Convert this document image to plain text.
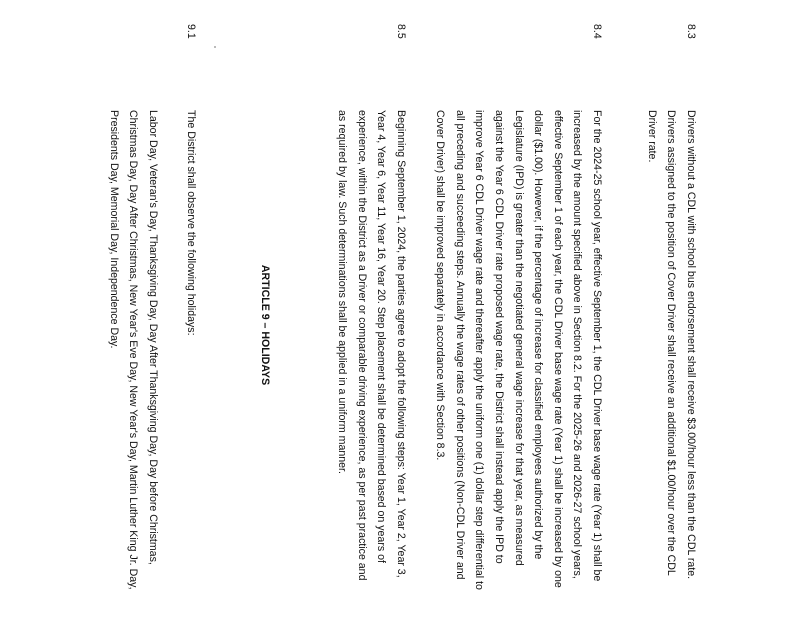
8.3

Drivers without a CDL with school bus endorsement shall receive $3.00/hour less than the CDL rate. Drivers assigned to the position of Cover Driver shall receive an additional $1.00/hour over the CDL Driver rate.

8.4

For the 2024-25 school year, effective September 1, the CDL Driver base wage rate (Year 1) shall be increased by the amount specified above in Section 8.2. For the 2025-26 and 2026-27 school years, effective September 1 of each year, the CDL Driver base wage rate (Year 1) shall be increased by one dollar ($1.00). However, if the percentage of increase for classified employees authorized by the Legislature (IPD) is greater than the negotiated general wage increase for that year, as measured against the Year 6 CDL Driver rate proposed wage rate, the District shall instead apply the IPD to improve Year 6 CDL Driver wage rate and thereafter apply the uniform one (1) dollar step differential to all preceding and succeeding steps. Annually the wage rates of other positions (Non-CDL Driver and Cover Driver) shall be improved separately in accordance with Section 8.3.

8.5

Beginning September 1, 2024, the parties agree to adopt the following steps: Year 1, Year 2, Year 3, Year 4, Year 6, Year 11, Year 16, Year 20. Step placement shall be determined based on years of experience, within the District as a Driver or comparable driving experience, as per past practice and as required by law. Such determinations shall be applied in a uniform manner.

ARTICLE 9 – HOLIDAYS
9.1

The District shall observe the following holidays:

Labor Day, Veteran's Day, Thanksgiving Day, Day After Thanksgiving Day, Day before Christmas, Christmas Day, Day After Christmas, New Year's Eve Day, New Year's Day, Martin Luther King Jr. Day, Presidents Day, Memorial Day, Independence Day.
